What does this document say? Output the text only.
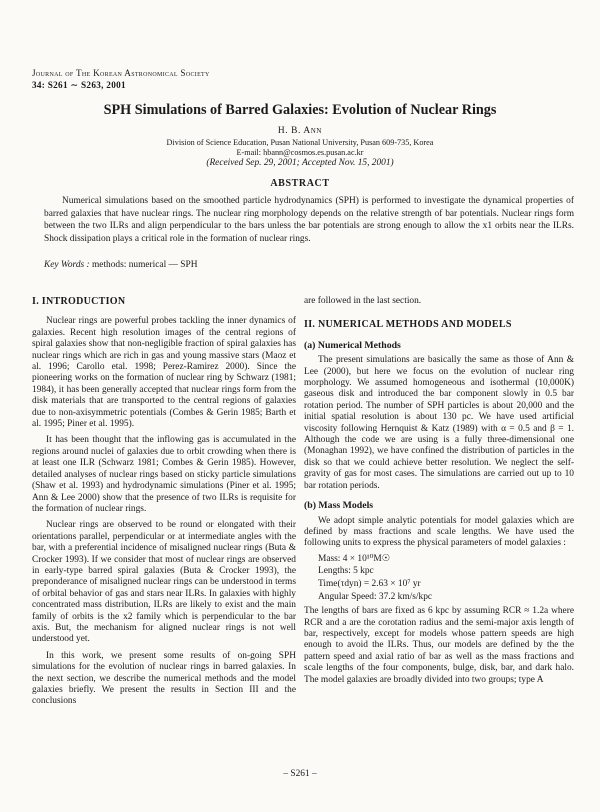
Journal of The Korean Astronomical Society
34: S261 ∼ S263, 2001
SPH Simulations of Barred Galaxies: Evolution of Nuclear Rings
H. B. Ann
Division of Science Education, Pusan National University, Pusan 609-735, Korea
E-mail: hbann@cosmos.es.pusan.ac.kr
(Received Sep. 29, 2001; Accepted Nov. 15, 2001)
ABSTRACT

Numerical simulations based on the smoothed particle hydrodynamics (SPH) is performed to investigate the dynamical properties of barred galaxies that have nuclear rings. The nuclear ring morphology depends on the relative strength of bar potentials. Nuclear rings form between the two ILRs and align perpendicular to the bars unless the bar potentials are strong enough to allow the x1 orbits near the ILRs. Shock dissipation plays a critical role in the formation of nuclear rings.

Key Words : methods: numerical — SPH
I. INTRODUCTION

Nuclear rings are powerful probes tackling the inner dynamics of galaxies. Recent high resolution images of the central regions of spiral galaxies show that non-negligible fraction of spiral galaxies has nuclear rings which are rich in gas and young massive stars (Maoz et al. 1996; Carollo etal. 1998; Perez-Ramirez 2000). Since the pioneering works on the formation of nuclear ring by Schwarz (1981; 1984), it has been generally accepted that nuclear rings form from the disk materials that are transported to the central regions of galaxies due to non-axisymmetric potentials (Combes & Gerin 1985; Barth et al. 1995; Piner et al. 1995).

It has been thought that the inflowing gas is accumulated in the regions around nuclei of galaxies due to orbit crowding when there is at least one ILR (Schwarz 1981; Combes & Gerin 1985). However, detailed analyses of nuclear rings based on sticky particle simulations (Shaw et al. 1993) and hydrodynamic simulations (Piner et al. 1995; Ann & Lee 2000) show that the presence of two ILRs is requisite for the formation of nuclear rings.

Nuclear rings are observed to be round or elongated with their orientations parallel, perpendicular or at intermediate angles with the bar, with a preferential incidence of misaligned nuclear rings (Buta & Crocker 1993). If we consider that most of nuclear rings are observed in early-type barred spiral galaxies (Buta & Crocker 1993), the preponderance of misaligned nuclear rings can be understood in terms of orbital behavior of gas and stars near ILRs. In galaxies with highly concentrated mass distribution, ILRs are likely to exist and the main family of orbits is the x2 family which is perpendicular to the bar axis. But, the mechanism for aligned nuclear rings is not well understood yet.

In this work, we present some results of on-going SPH simulations for the evolution of nuclear rings in barred galaxies. In the next section, we describe the numerical methods and the model galaxies briefly. We present the results in Section III and the conclusions

are followed in the last section.

II. NUMERICAL METHODS AND MODELS
(a) Numerical Methods

The present simulations are basically the same as those of Ann & Lee (2000), but here we focus on the evolution of nuclear ring morphology. We assumed homogeneous and isothermal (10,000K) gaseous disk and introduced the bar component slowly in 0.5 bar rotation period. The number of SPH particles is about 20,000 and the initial spatial resolution is about 130 pc. We have used artificial viscosity following Hernquist & Katz (1989) with α = 0.5 and β = 1. Although the code we are using is a fully three-dimensional one (Monaghan 1992), we have confined the distribution of particles in the disk so that we could achieve better resolution. We neglect the self-gravity of gas for most cases. The simulations are carried out up to 10 bar rotation periods.

(b) Mass Models

We adopt simple analytic potentials for model galaxies which are defined by mass fractions and scale lengths. We have used the following units to express the physical parameters of model galaxies :

Mass: 4 × 10¹⁰M☉
Lengths: 5 kpc
Time(τdyn) = 2.63 × 10⁷ yr
Angular Speed: 37.2 km/s/kpc

The lengths of bars are fixed as 6 kpc by assuming RCR ≈ 1.2a where RCR and a are the corotation radius and the semi-major axis length of bar, respectively, except for models whose pattern speeds are high enough to avoid the ILRs. Thus, our models are defined by the the pattern speed and axial ratio of bar as well as the mass fractions and scale lengths of the four components, bulge, disk, bar, and dark halo. The model galaxies are broadly divided into two groups; type A

– S261 –
